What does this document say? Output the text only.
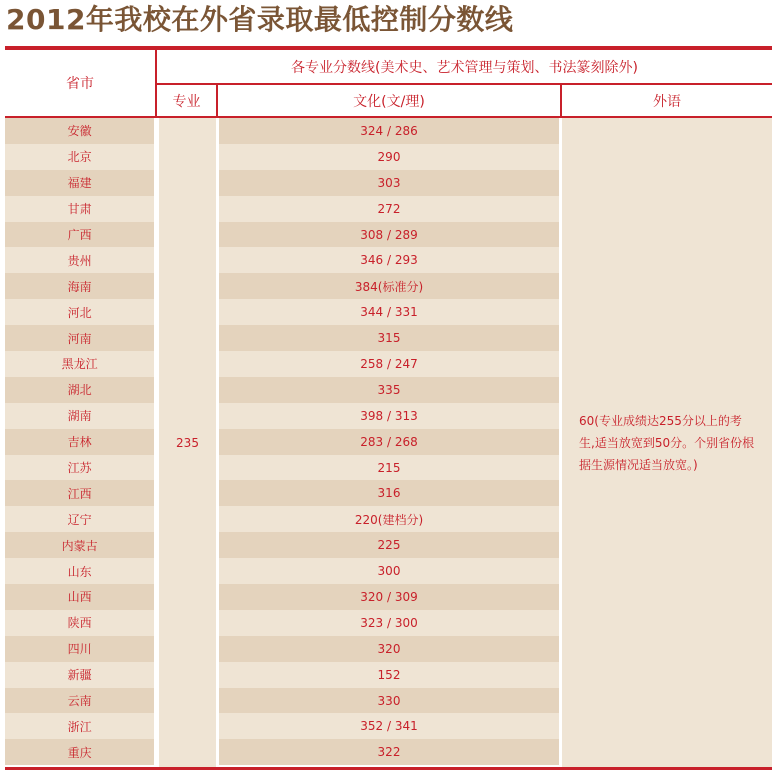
2012年我校在外省录取最低控制分数线
省市
各专业分数线(美术史、艺术管理与策划、书法篆刻除外)
专业	文化(文/理)	外语
安徽	324 / 286
北京	290
福建	303
甘肃	272
广西	308 / 289
贵州	346 / 293
海南	384(标准分)
河北	344 / 331
河南	315
黑龙江	258 / 247
湖北	335
湖南	398 / 313
吉林	283 / 268
江苏	215
江西	316
辽宁	220(建档分)
内蒙古	225
山东	300
山西	320 / 309
陕西	323 / 300
四川	320
新疆	152
云南	330
浙江	352 / 341
重庆	322
235
60(专业成绩达255分以上的考生,适当放宽到50分。个别省份根据生源情况适当放宽。)
